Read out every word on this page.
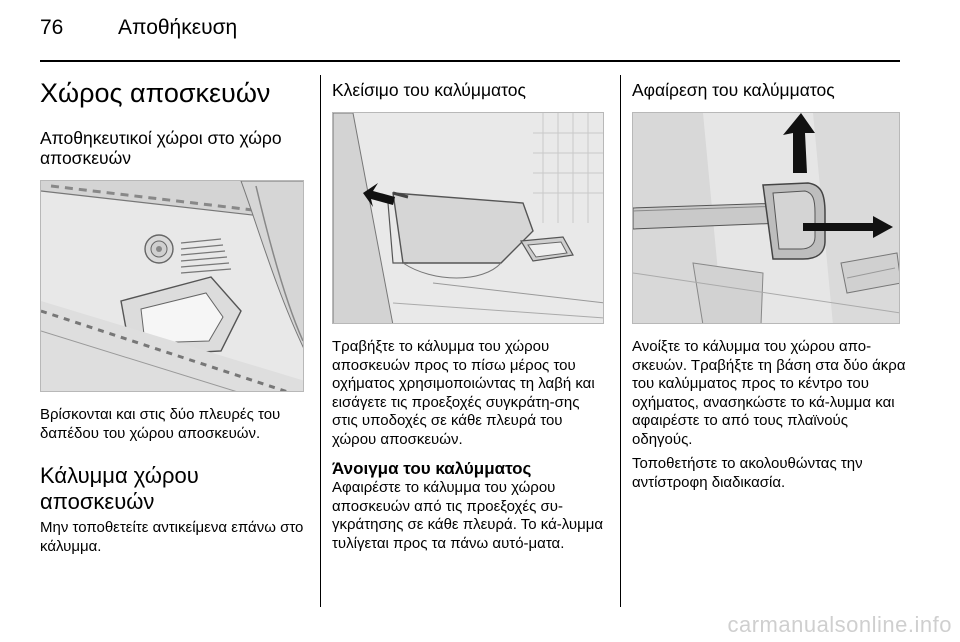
76	Αποθήκευση
Χώρος αποσκευών
Αποθηκευτικοί χώροι στο χώρο αποσκευών

Βρίσκονται και στις δύο πλευρές του δαπέδου του χώρου αποσκευών.

Κάλυμμα χώρου αποσκευών

Μην τοποθετείτε αντικείμενα επάνω στο κάλυμμα.

Κλείσιμο του καλύμματος

Τραβήξτε το κάλυμμα του χώρου αποσκευών προς το πίσω μέρος του οχήματος χρησιμοποιώντας τη λαβή και εισάγετε τις προεξοχές συγκράτη-σης στις υποδοχές σε κάθε πλευρά του χώρου αποσκευών.

Άνοιγμα του καλύμματος

Αφαιρέστε το κάλυμμα του χώρου αποσκευών από τις προεξοχές συ-γκράτησης σε κάθε πλευρά. Το κά-λυμμα τυλίγεται προς τα πάνω αυτό-ματα.

Αφαίρεση του καλύμματος

Ανοίξτε το κάλυμμα του χώρου απο-σκευών. Τραβήξτε τη βάση στα δύο άκρα του καλύμματος προς το κέντρο του οχήματος, ανασηκώστε το κά-λυμμα και αφαιρέστε το από τους πλαϊνούς οδηγούς.

Τοποθετήστε το ακολουθώντας την αντίστροφη διαδικασία.

carmanualsonline.info
